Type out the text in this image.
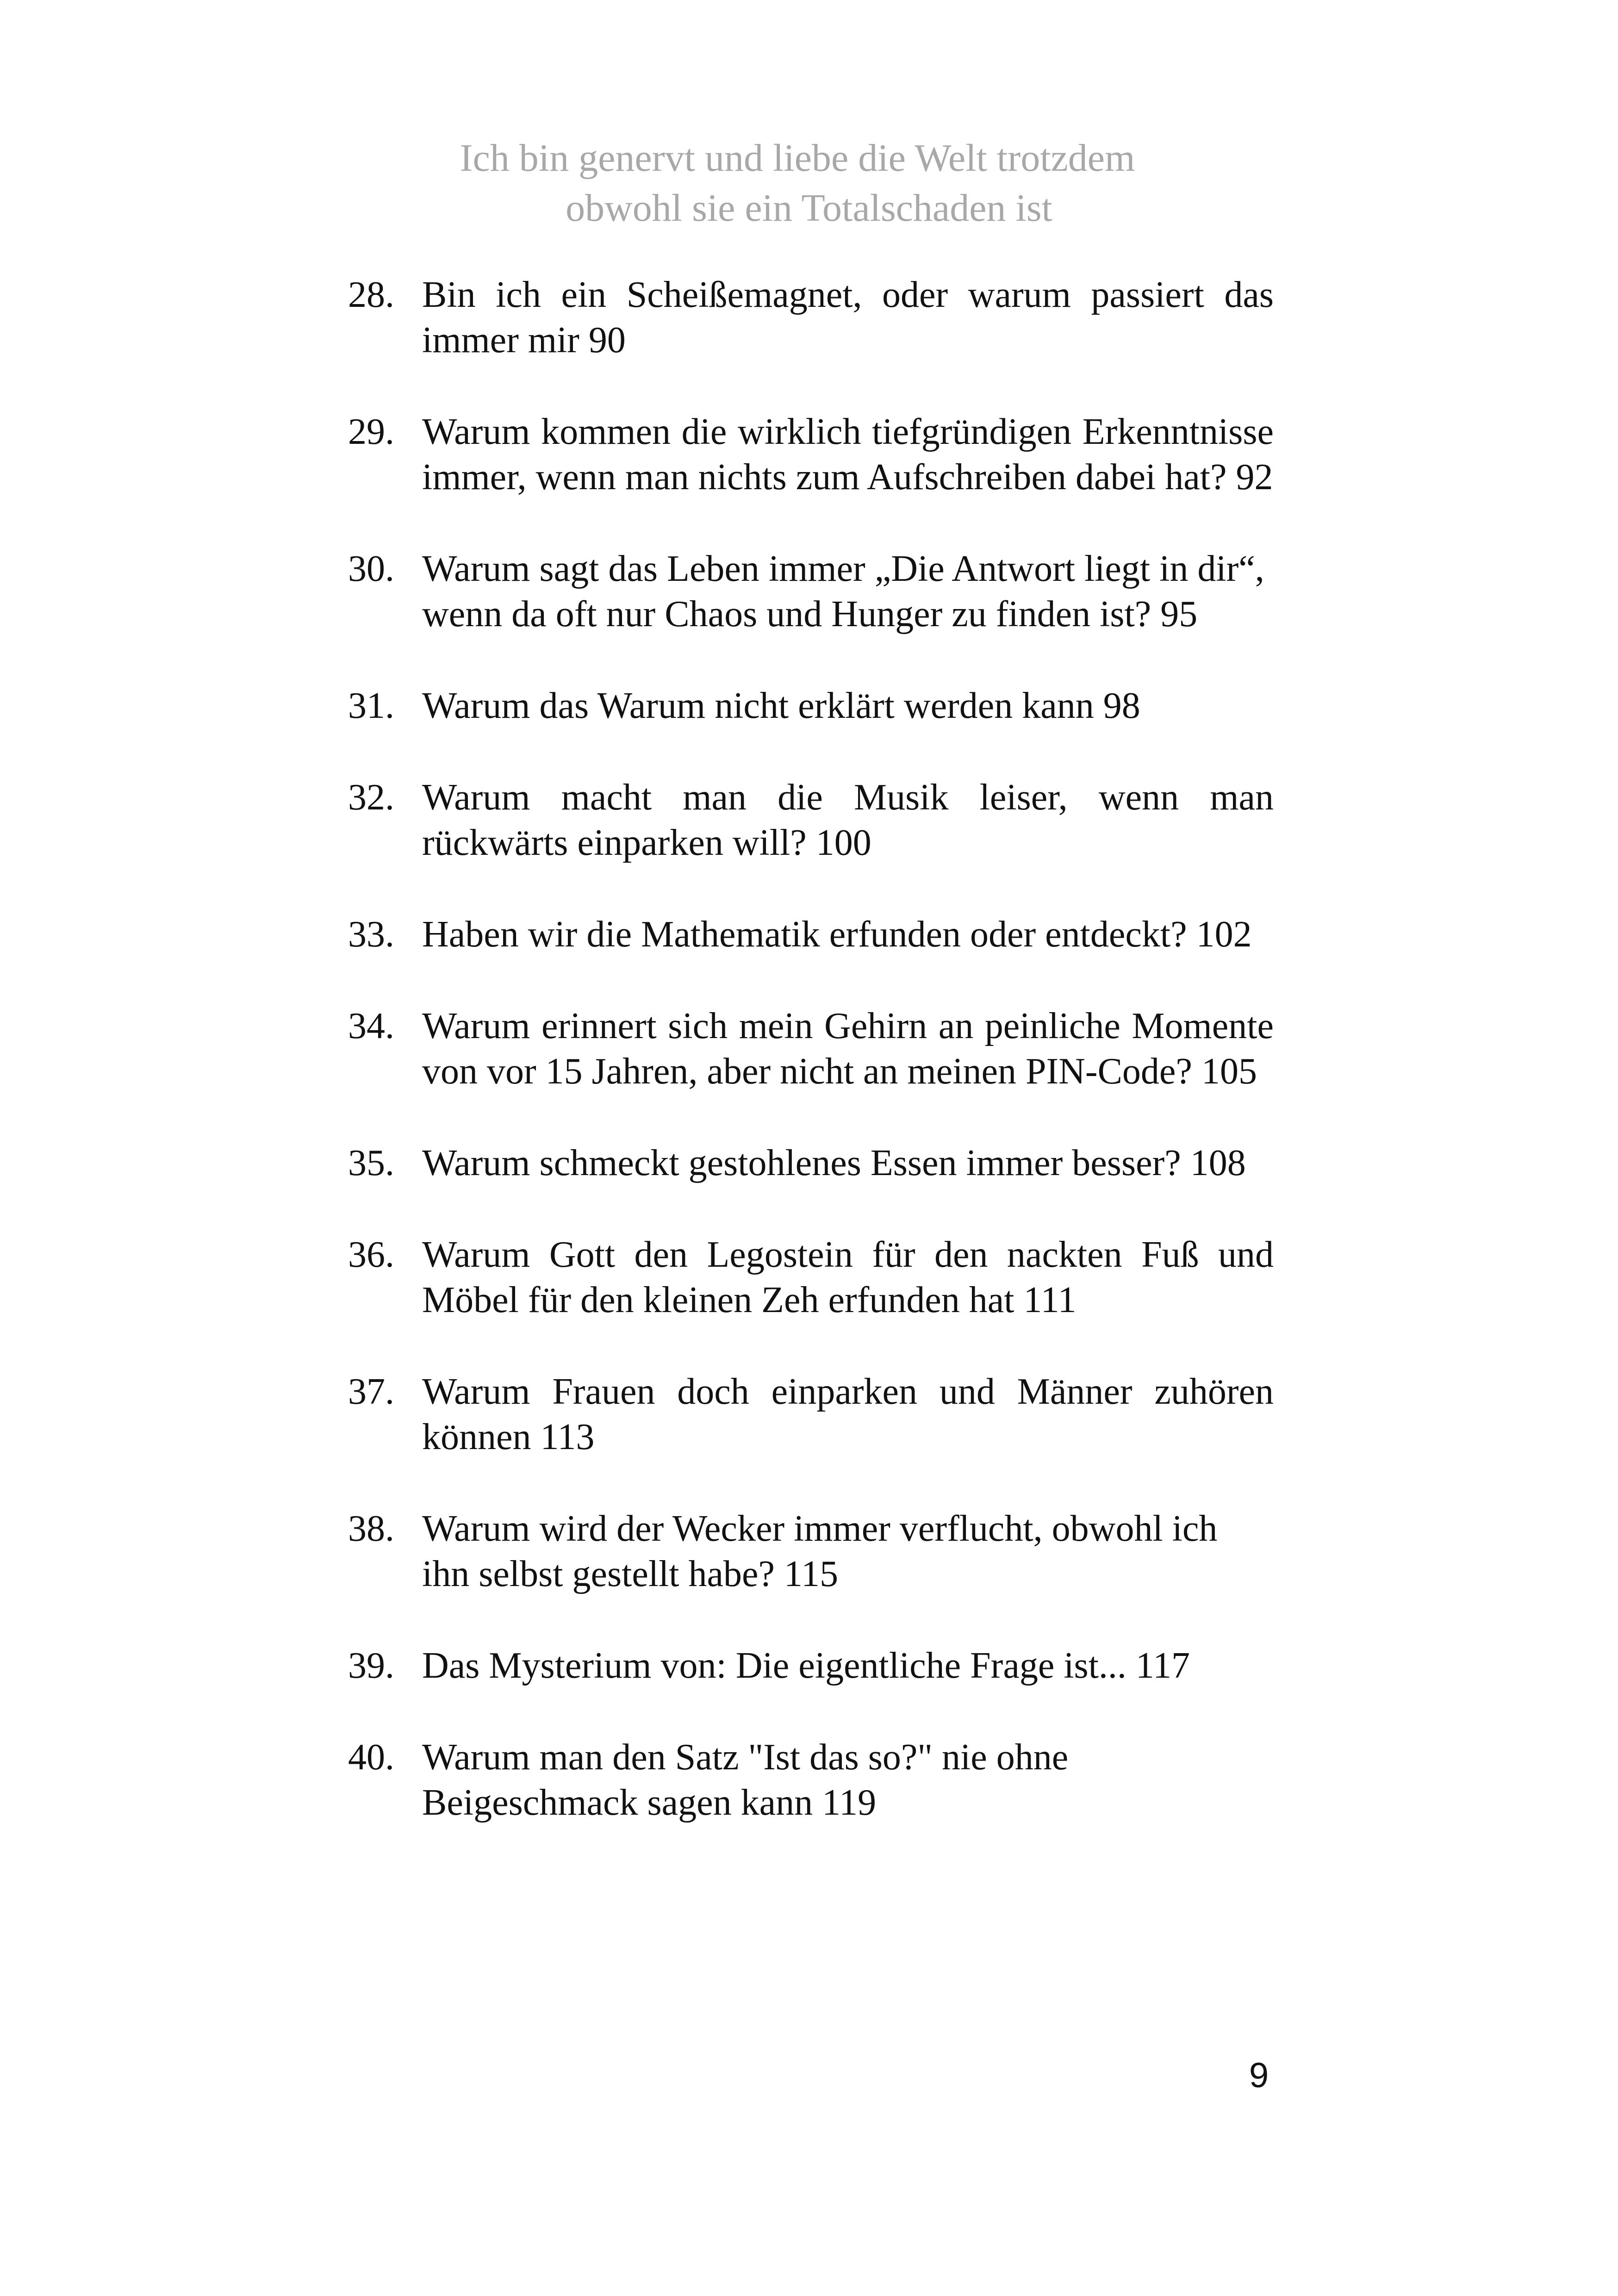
Ich bin genervt und liebe die Welt trotzdem
obwohl sie ein Totalschaden ist
28. Bin ich ein Scheißemagnet, oder warum passiert das immer mir 90
29. Warum kommen die wirklich tiefgründigen Erkenntnisse immer, wenn man nichts zum Aufschreiben dabei hat? 92
30. Warum sagt das Leben immer „Die Antwort liegt in dir“, wenn da oft nur Chaos und Hunger zu finden ist? 95
31. Warum das Warum nicht erklärt werden kann 98
32. Warum macht man die Musik leiser, wenn man rückwärts einparken will? 100
33. Haben wir die Mathematik erfunden oder entdeckt? 102
34. Warum erinnert sich mein Gehirn an peinliche Momente von vor 15 Jahren, aber nicht an meinen PIN-Code? 105
35. Warum schmeckt gestohlenes Essen immer besser? 108
36. Warum Gott den Legostein für den nackten Fuß und Möbel für den kleinen Zeh erfunden hat 111
37. Warum Frauen doch einparken und Männer zuhören können 113
38. Warum wird der Wecker immer verflucht, obwohl ich ihn selbst gestellt habe? 115
39. Das Mysterium von: Die eigentliche Frage ist... 117
40. Warum man den Satz "Ist das so?" nie ohne Beigeschmack sagen kann 119
9
